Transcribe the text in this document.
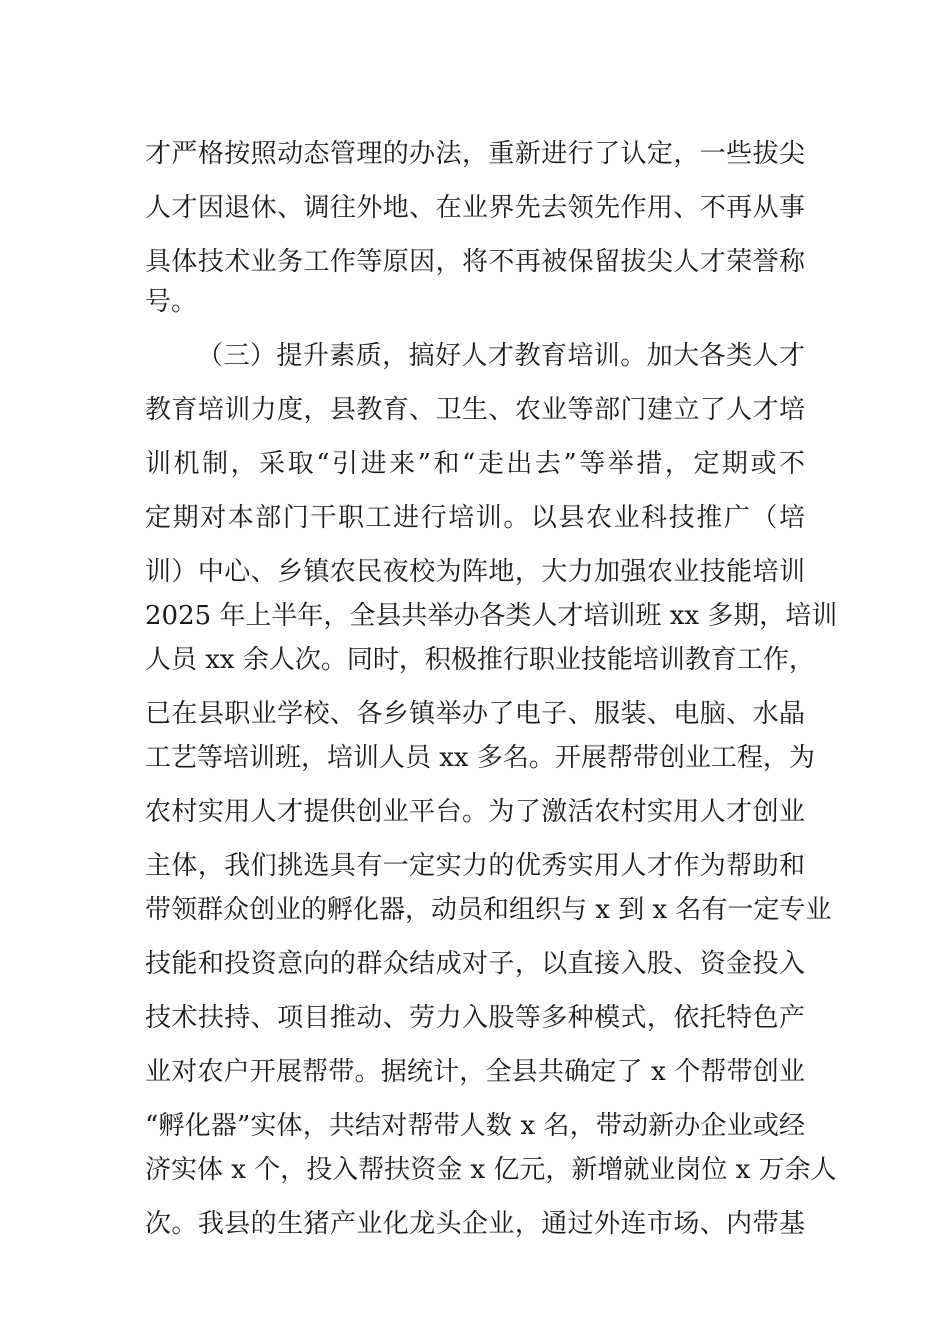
才严格按照动态管理的办法，重新进行了认定，一些拔尖
人才因退休、调往外地、在业界先去领先作用、不再从事
具体技术业务工作等原因，将不再被保留拔尖人才荣誉称
号。
（三）提升素质，搞好人才教育培训。加大各类人才
教育培训力度，县教育、卫生、农业等部门建立了人才培
训机制，采取“引进来”和“走出去”等举措，定期或不
定期对本部门干职工进行培训。以县农业科技推广（培
训）中心、乡镇农民夜校为阵地，大力加强农业技能培训
2025 年上半年，全县共举办各类人才培训班 xx 多期，培训
人员 xx 余人次。同时，积极推行职业技能培训教育工作，
已在县职业学校、各乡镇举办了电子、服装、电脑、水晶
工艺等培训班，培训人员 xx 多名。开展帮带创业工程，为
农村实用人才提供创业平台。为了激活农村实用人才创业
主体，我们挑选具有一定实力的优秀实用人才作为帮助和
带领群众创业的孵化器，动员和组织与 x 到 x 名有一定专业
技能和投资意向的群众结成对子，以直接入股、资金投入
技术扶持、项目推动、劳力入股等多种模式，依托特色产
业对农户开展帮带。据统计，全县共确定了 x 个帮带创业
“孵化器”实体，共结对帮带人数 x 名，带动新办企业或经
济实体 x 个，投入帮扶资金 x 亿元，新增就业岗位 x 万余人
次。我县的生猪产业化龙头企业，通过外连市场、内带基
